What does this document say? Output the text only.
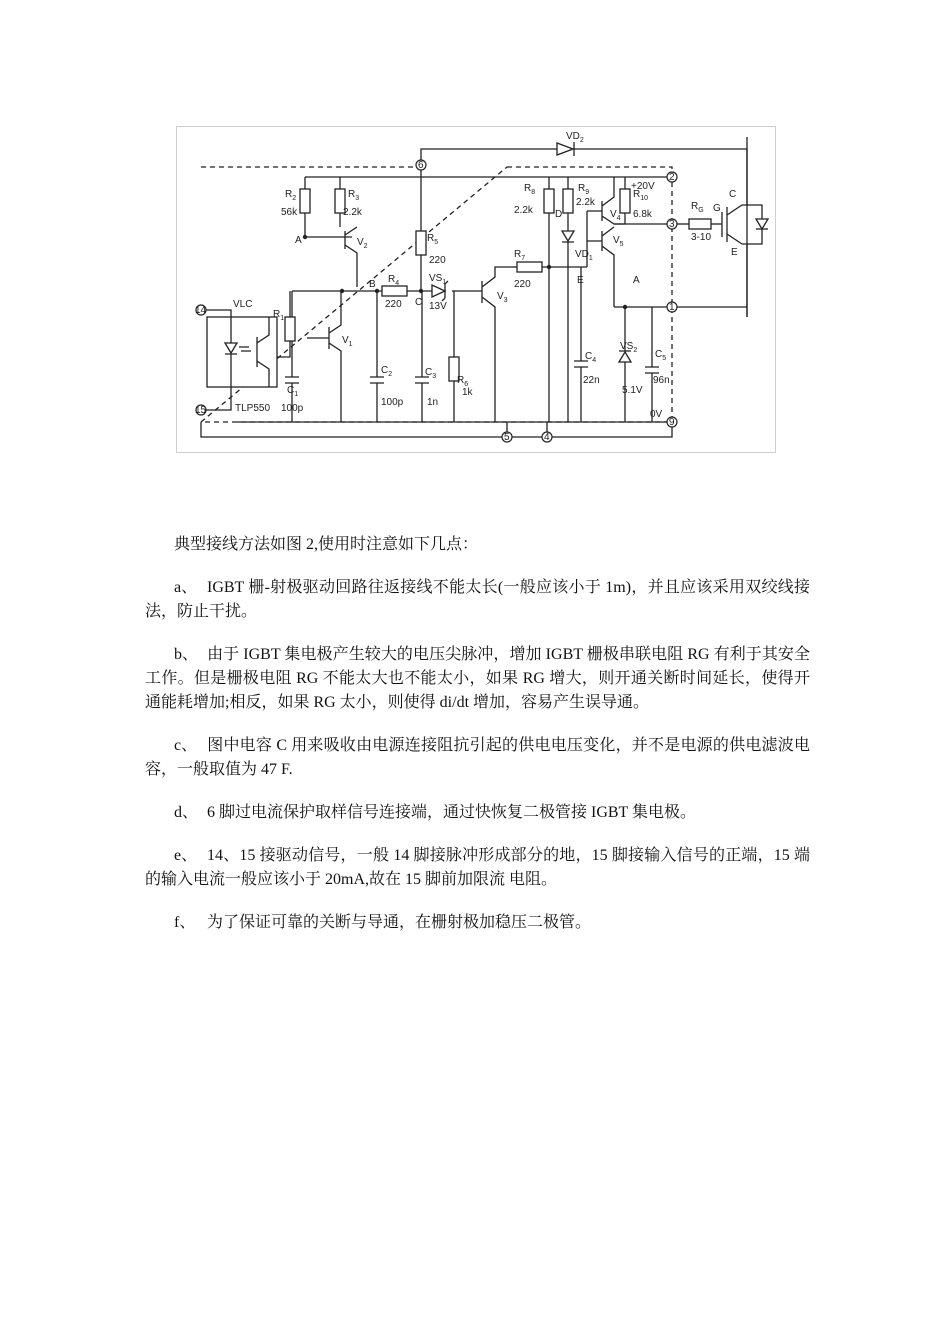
$VD_2$
$R_2$
56k
$R_3$
2.2k
$R_5$
220
$R_4$
220
$R_7$
220
$R_8$
2.2k
$R_9$
2.2k
$R_{10}$
6.8k
+20V
$R_6$
1k
$R_1$
$R_G$
3-10
G
C
E
A
A
B
C
D
E
$V_1$
$V_2$
$V_3$
$V_4$
$V_5$
$VS_1$
13V
$VS_2$
5.1V
$VD_1$
VLC
TLP550
$C_1$
100p
$C_2$
100p
$C_3$
1n
$C_4$
22n
$C_5$
96n
0V
6
2
3
1
9
5	4
14
15

典型接线方法如图 2,使用时注意如下几点：

a、 IGBT 栅-射极驱动回路往返接线不能太长(一般应该小于 1m)，并且应该采用双绞线接法，防止干扰。

b、 由于 IGBT 集电极产生较大的电压尖脉冲，增加 IGBT 栅极串联电阻 RG 有利于其安全工作。但是栅极电阻 RG 不能太大也不能太小，如果 RG 增大，则开通关断时间延长，使得开通能耗增加;相反，如果 RG 太小，则使得 di/dt 增加，容易产生误导通。

c、 图中电容 C 用来吸收由电源连接阻抗引起的供电电压变化，并不是电源的供电滤波电容，一般取值为 47 F.

d、 6 脚过电流保护取样信号连接端，通过快恢复二极管接 IGBT 集电极。

e、 14、15 接驱动信号，一般 14 脚接脉冲形成部分的地，15 脚接输入信号的正端，15 端的输入电流一般应该小于 20mA,故在 15 脚前加限流 电阻。

f、 为了保证可靠的关断与导通，在栅射极加稳压二极管。
